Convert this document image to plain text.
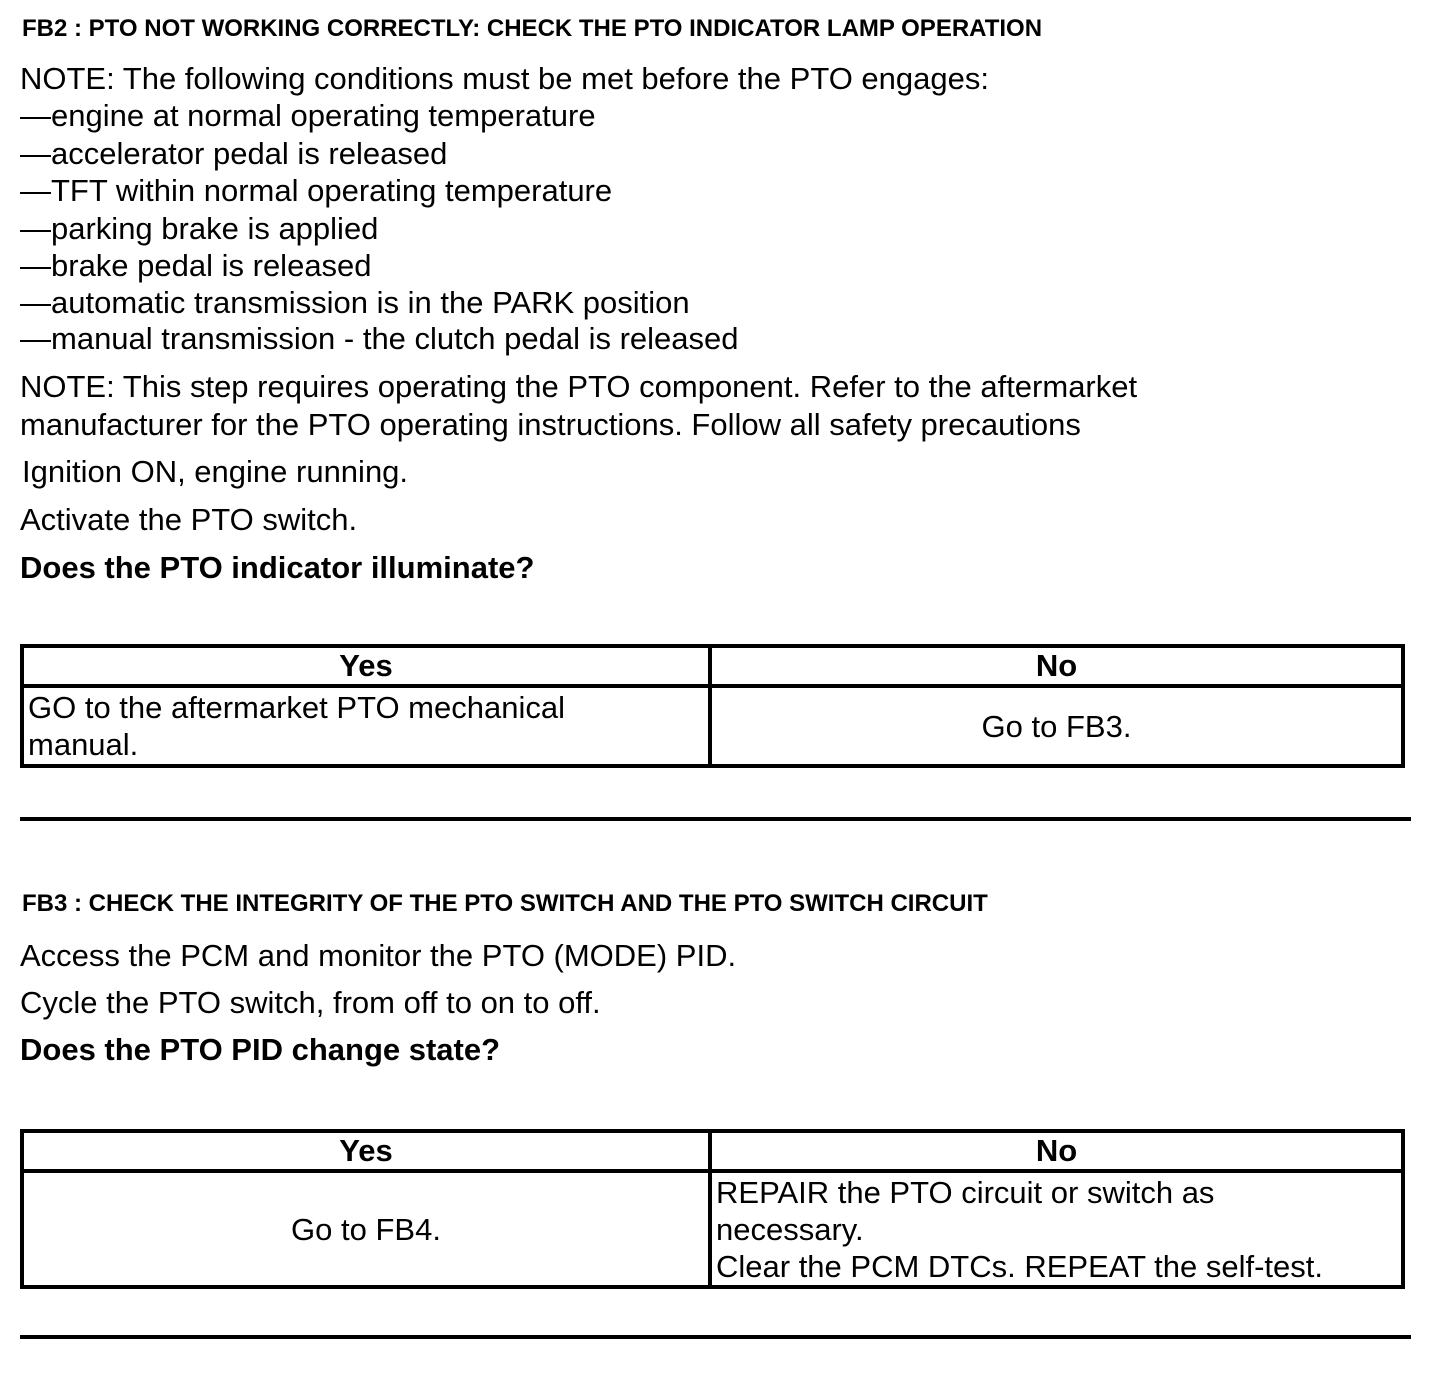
FB2 : PTO NOT WORKING CORRECTLY: CHECK THE PTO INDICATOR LAMP OPERATION
NOTE: The following conditions must be met before the PTO engages:
—engine at normal operating temperature
—accelerator pedal is released
—TFT within normal operating temperature
—parking brake is applied
—brake pedal is released
—automatic transmission is in the PARK position
—manual transmission - the clutch pedal is released
NOTE: This step requires operating the PTO component. Refer to the aftermarket
manufacturer for the PTO operating instructions. Follow all safety precautions
Ignition ON, engine running.
Activate the PTO switch.
Does the PTO indicator illuminate?
Yes	No

GO to the aftermarket PTO mechanical
manual.	Go to FB3.
FB3 : CHECK THE INTEGRITY OF THE PTO SWITCH AND THE PTO SWITCH CIRCUIT
Access the PCM and monitor the PTO (MODE) PID.
Cycle the PTO switch, from off to on to off.
Does the PTO PID change state?
Yes	No
Go to FB4.	REPAIR the PTO circuit or switch as
necessary.
Clear the PCM DTCs. REPEAT the self-test.
